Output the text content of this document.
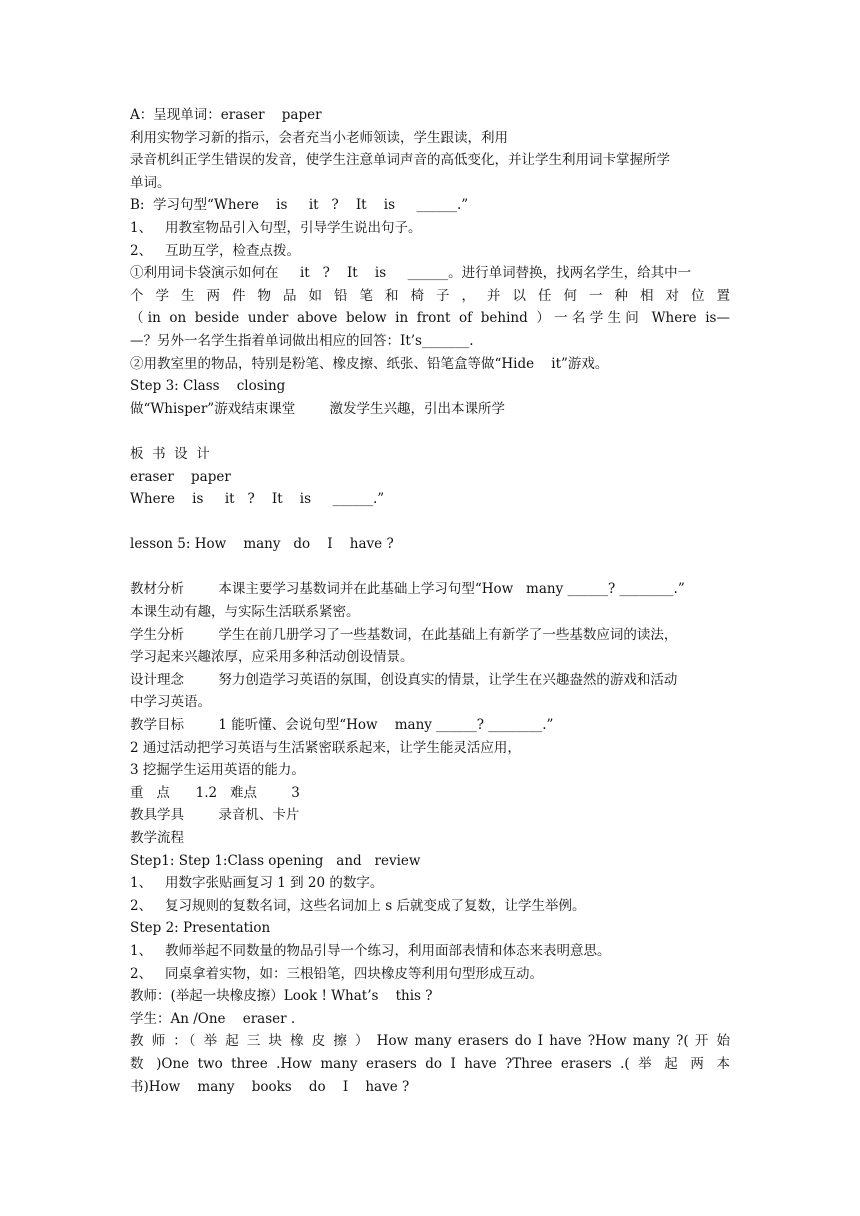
A：呈现单词：eraser    paper
利用实物学习新的指示，会者充当小老师领读，学生跟读，利用
录音机纠正学生错误的发音，使学生注意单词声音的高低变化，并让学生利用词卡掌握所学
单词。
B:  学习句型“Where    is     it   ?    It    is     ______.”
1、   用教室物品引入句型，引导学生说出句子。
2、   互助互学，检查点拨。
①利用词卡袋演示如何在     it   ?    It    is     ______。进行单词替换，找两名学生，给其中一
个 学 生 两 件 物 品 如 铅 笔 和 椅 子 ， 并 以 任 何 一 种 相 对 位 置
（in on beside under above below in front of behind ）一名学生问 Where is—
—？另外一名学生指着单词做出相应的回答：It’s_______.
②用教室里的物品，特别是粉笔、橡皮擦、纸张、铅笔盒等做“Hide    it”游戏。
Step 3: Class    closing
做“Whisper”游戏结束课堂        激发学生兴趣，引出本课所学
板  书  设  计
eraser    paper
Where    is     it   ?    It    is     ______.”
lesson 5: How    many   do    I    have ?
教材分析        本课主要学习基数词并在此基础上学习句型“How   many ______? ________.”
本课生动有趣，与实际生活联系紧密。
学生分析        学生在前几册学习了一些基数词，在此基础上有新学了一些基数应词的读法，
学习起来兴趣浓厚，应采用多种活动创设情景。
设计理念        努力创造学习英语的氛围，创设真实的情景，让学生在兴趣盎然的游戏和活动
中学习英语。
教学目标        1 能听懂、会说句型“How    many ______? ________.”
2 通过活动把学习英语与生活紧密联系起来，让学生能灵活应用，
3 挖掘学生运用英语的能力。
重   点      1.2   难点        3
教具学具        录音机、卡片
教学流程
Step1: Step 1:Class opening   and   review
1、   用数字张贴画复习 1 到 20 的数字。
2、   复习规则的复数名词，这些名词加上 s 后就变成了复数，让学生举例。
Step 2: Presentation
1、   教师举起不同数量的物品引导一个练习，利用面部表情和体态来表明意思。
2、   同桌拿着实物，如：三根铅笔，四块橡皮等利用句型形成互动。
教师：(举起一块橡皮擦）Look ! What’s    this ?
学生：An /One    eraser .
教 师 ：（ 举 起 三 块 橡 皮 擦 ） How many erasers do I have ?How many ?( 开 始
数 )One two three .How many erasers do I have ?Three erasers .( 举 起 两 本
书)How    many    books    do    I    have ?
